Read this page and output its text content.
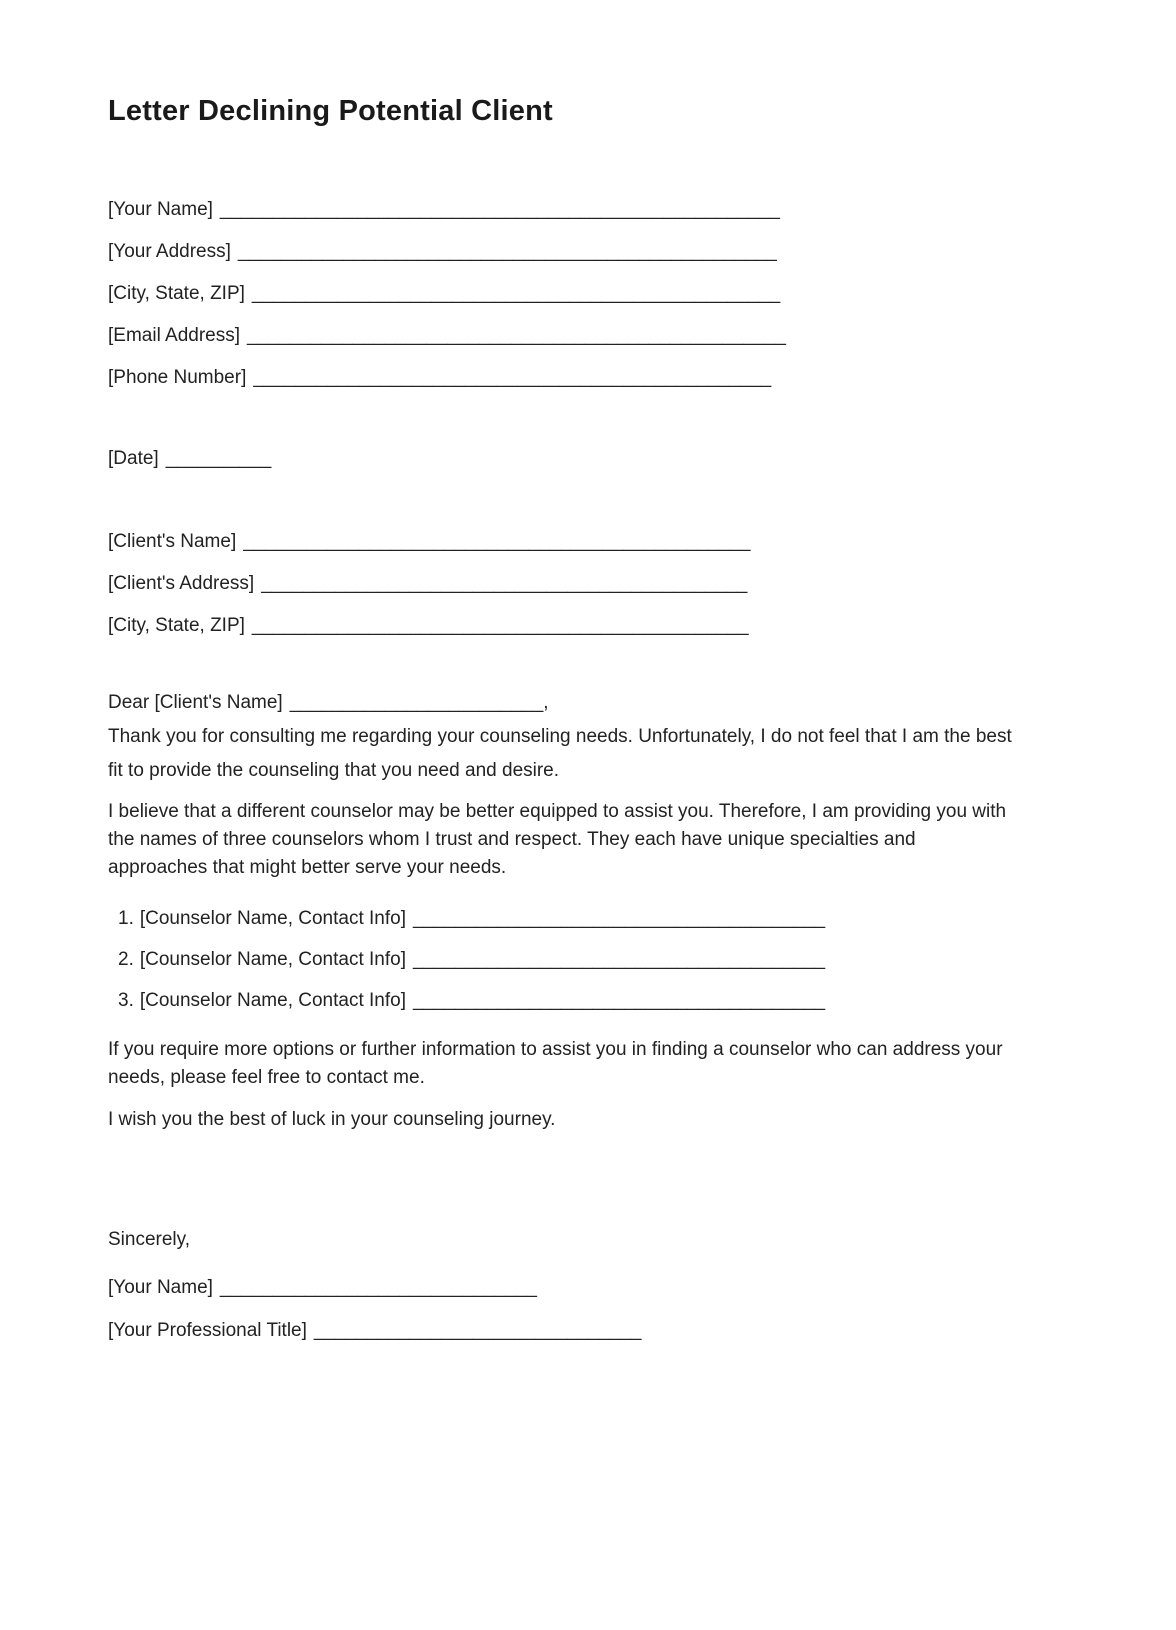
Letter Declining Potential Client

[Your Name] _____________________________________________________

[Your Address] ___________________________________________________

[City, State, ZIP] __________________________________________________

[Email Address] ___________________________________________________

[Phone Number] _________________________________________________

[Date] __________

[Client's Name] ________________________________________________

[Client's Address] ______________________________________________

[City, State, ZIP] _______________________________________________

Dear [Client's Name] ________________________,

Thank you for consulting me regarding your counseling needs. Unfortunately, I do not feel that I am the best fit to provide the counseling that you need and desire.

I believe that a different counselor may be better equipped to assist you. Therefore, I am providing you with the names of three counselors whom I trust and respect. They each have unique specialties and approaches that might better serve your needs.

1. [Counselor Name, Contact Info] _______________________________________

2. [Counselor Name, Contact Info] _______________________________________

3. [Counselor Name, Contact Info] _______________________________________

If you require more options or further information to assist you in finding a counselor who can address your needs, please feel free to contact me.

I wish you the best of luck in your counseling journey.

Sincerely,

[Your Name] ______________________________

[Your Professional Title] _______________________________
